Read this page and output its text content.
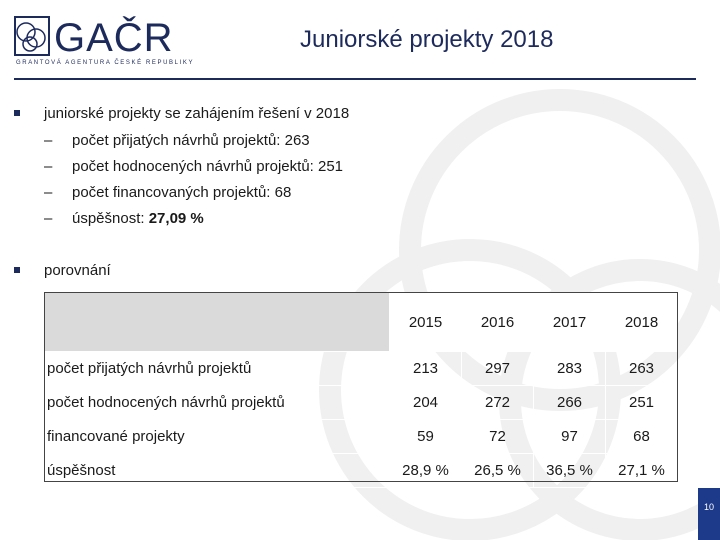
GAČR
GRANTOVÁ AGENTURA ČESKÉ REPUBLIKY
Juniorské projekty 2018
10
juniorské projekty se zahájením řešení v 2018
– počet přijatých návrhů projektů: 263
– počet hodnocených návrhů projektů: 251
– počet financovaných projektů: 68
– úspěšnost: 27,09 %
porovnání
	2015	2016	2017	2018
počet přijatých návrhů projektů	213	297	283	263
počet hodnocených návrhů projektů	204	272	266	251
financované projekty	59	72	97	68
úspěšnost	28,9 %	26,5 %	36,5 %	27,1 %
